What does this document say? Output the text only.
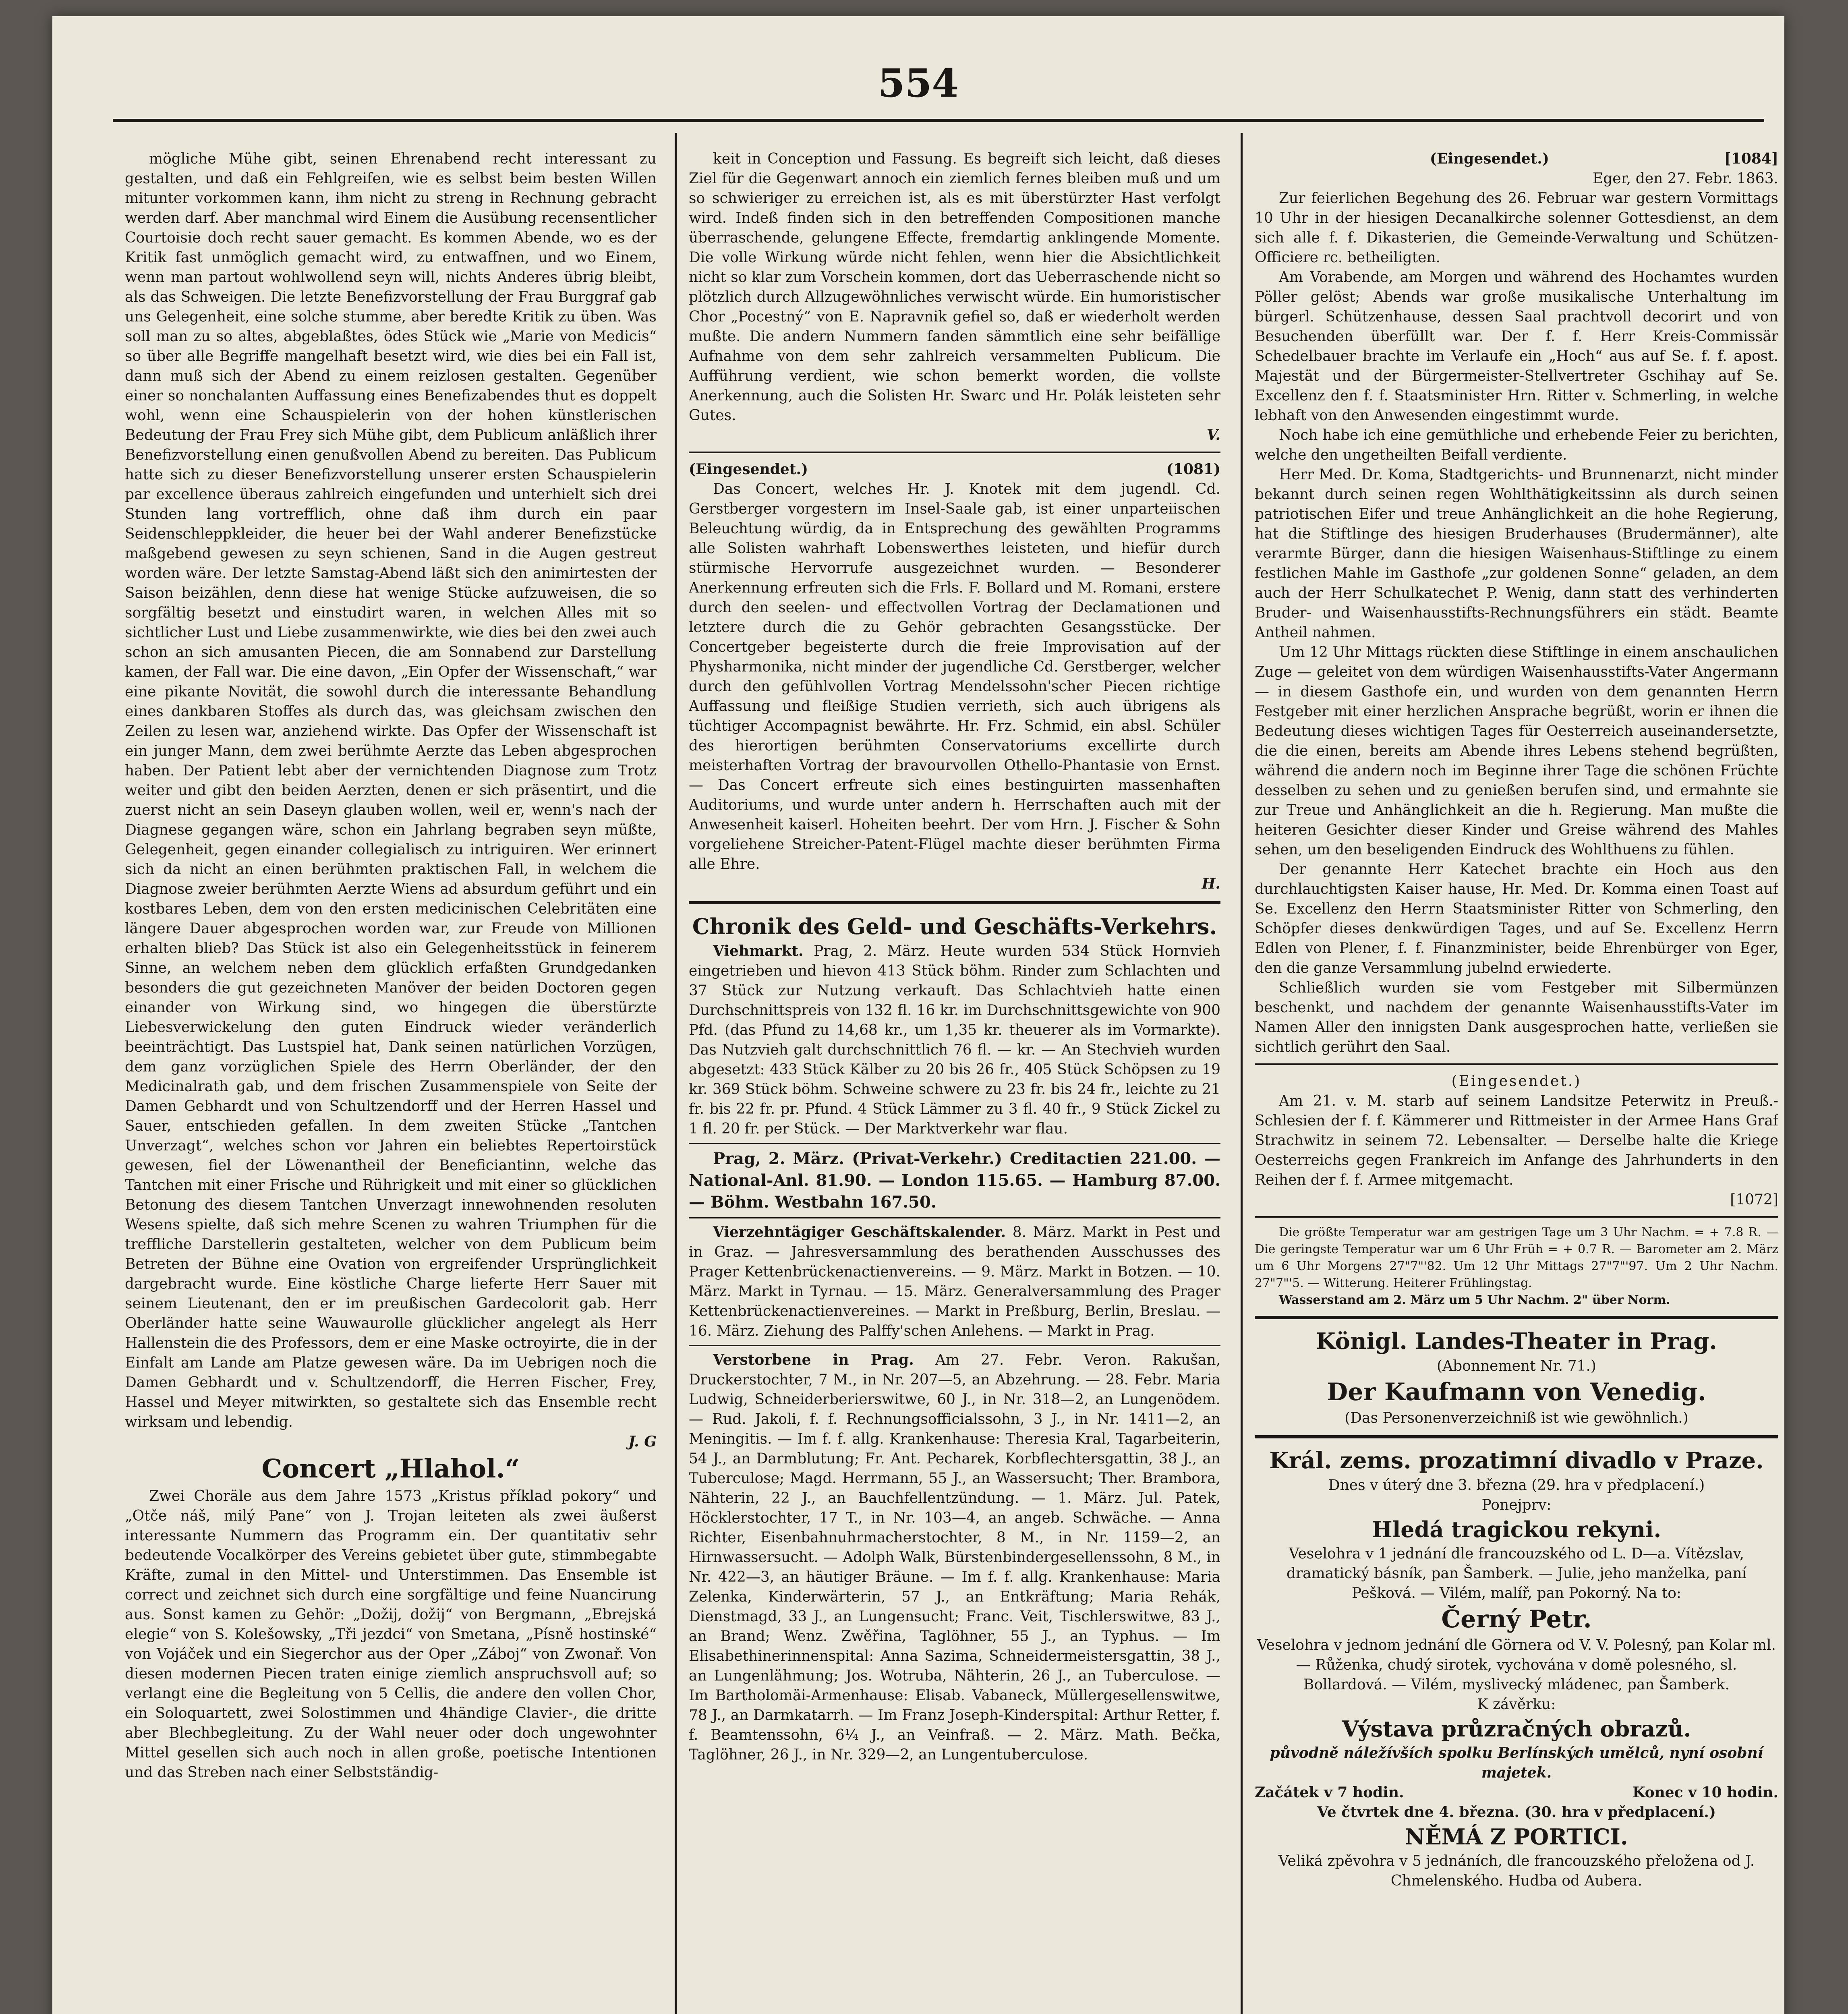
554

mögliche Mühe gibt, seinen Ehrenabend recht interessant zu gestalten, und daß ein Fehlgreifen, wie es selbst beim besten Willen mitunter vorkommen kann, ihm nicht zu streng in Rechnung gebracht werden darf. Aber manchmal wird Einem die Ausübung recensentlicher Courtoisie doch recht sauer gemacht. Es kommen Abende, wo es der Kritik fast unmöglich gemacht wird, zu entwaffnen, und wo Einem, wenn man partout wohlwollend seyn will, nichts Anderes übrig bleibt, als das Schweigen. Die letzte Benefizvorstellung der Frau Burggraf gab uns Gelegenheit, eine solche stumme, aber beredte Kritik zu üben. Was soll man zu so altes, abgeblaßtes, ödes Stück wie „Marie von Medicis“ so über alle Begriffe mangelhaft besetzt wird, wie dies bei ein Fall ist, dann muß sich der Abend zu einem reizlosen gestalten. Gegenüber einer so nonchalanten Auffassung eines Benefizabendes thut es doppelt wohl, wenn eine Schauspielerin von der hohen künstlerischen Bedeutung der Frau Frey sich Mühe gibt, dem Publicum anläßlich ihrer Benefizvorstellung einen genußvollen Abend zu bereiten. Das Publicum hatte sich zu dieser Benefizvorstellung unserer ersten Schauspielerin par excellence überaus zahlreich eingefunden und unterhielt sich drei Stunden lang vortrefflich, ohne daß ihm durch ein paar Seidenschleppkleider, die heuer bei der Wahl anderer Benefizstücke maßgebend gewesen zu seyn schienen, Sand in die Augen gestreut worden wäre. Der letzte Samstag-Abend läßt sich den animirtesten der Saison beizählen, denn diese hat wenige Stücke aufzuweisen, die so sorgfältig besetzt und einstudirt waren, in welchen Alles mit so sichtlicher Lust und Liebe zusammenwirkte, wie dies bei den zwei auch schon an sich amusanten Piecen, die am Sonnabend zur Darstellung kamen, der Fall war. Die eine davon, „Ein Opfer der Wissenschaft,“ war eine pikante Novität, die sowohl durch die interessante Behandlung eines dankbaren Stoffes als durch das, was gleichsam zwischen den Zeilen zu lesen war, anziehend wirkte. Das Opfer der Wissenschaft ist ein junger Mann, dem zwei berühmte Aerzte das Leben abgesprochen haben. Der Patient lebt aber der vernichtenden Diagnose zum Trotz weiter und gibt den beiden Aerzten, denen er sich präsentirt, und die zuerst nicht an sein Daseyn glauben wollen, weil er, wenn's nach der Diagnese gegangen wäre, schon ein Jahrlang begraben seyn müßte, Gelegenheit, gegen einander collegialisch zu intriguiren. Wer erinnert sich da nicht an einen berühmten praktischen Fall, in welchem die Diagnose zweier berühmten Aerzte Wiens ad absurdum geführt und ein kostbares Leben, dem von den ersten medicinischen Celebritäten eine längere Dauer abgesprochen worden war, zur Freude von Millionen erhalten blieb? Das Stück ist also ein Gelegenheitsstück in feinerem Sinne, an welchem neben dem glücklich erfaßten Grundgedanken besonders die gut gezeichneten Manöver der beiden Doctoren gegen einander von Wirkung sind, wo hingegen die überstürzte Liebesverwickelung den guten Eindruck wieder veränderlich beeinträchtigt. Das Lustspiel hat, Dank seinen natürlichen Vorzügen, dem ganz vorzüglichen Spiele des Herrn Oberländer, der den Medicinalrath gab, und dem frischen Zusammenspiele von Seite der Damen Gebhardt und von Schultzendorff und der Herren Hassel und Sauer, entschieden gefallen. In dem zweiten Stücke „Tantchen Unverzagt“, welches schon vor Jahren ein beliebtes Repertoirstück gewesen, fiel der Löwenantheil der Beneficiantinn, welche das Tantchen mit einer Frische und Rührigkeit und mit einer so glücklichen Betonung des diesem Tantchen Unverzagt innewohnenden resoluten Wesens spielte, daß sich mehre Scenen zu wahren Triumphen für die treffliche Darstellerin gestalteten, welcher von dem Publicum beim Betreten der Bühne eine Ovation von ergreifender Ursprünglichkeit dargebracht wurde. Eine köstliche Charge lieferte Herr Sauer mit seinem Lieutenant, den er im preußischen Gardecolorit gab. Herr Oberländer hatte seine Wauwaurolle glücklicher angelegt als Herr Hallenstein die des Professors, dem er eine Maske octroyirte, die in der Einfalt am Lande am Platze gewesen wäre. Da im Uebrigen noch die Damen Gebhardt und v. Schultzendorff, die Herren Fischer, Frey, Hassel und Meyer mitwirkten, so gestaltete sich das Ensemble recht wirksam und lebendig.

J. G

Concert „Hlahol.“

Zwei Choräle aus dem Jahre 1573 „Kristus příklad pokory“ und „Otče náš, milý Pane“ von J. Trojan leiteten als zwei äußerst interessante Nummern das Programm ein. Der quantitativ sehr bedeutende Vocalkörper des Vereins gebietet über gute, stimmbegabte Kräfte, zumal in den Mittel- und Unterstimmen. Das Ensemble ist correct und zeichnet sich durch eine sorgfältige und feine Nuancirung aus. Sonst kamen zu Gehör: „Dožij, dožij“ von Bergmann, „Ebrejská elegie“ von S. Kolešowsky, „Tři jezdci“ von Smetana, „Písně hostinské“ von Vojáček und ein Siegerchor aus der Oper „Záboj“ von Zwonař. Von diesen modernen Piecen traten einige ziemlich anspruchsvoll auf; so verlangt eine die Begleitung von 5 Cellis, die andere den vollen Chor, ein Soloquartett, zwei Solostimmen und 4händige Clavier-, die dritte aber Blechbegleitung. Zu der Wahl neuer oder doch ungewohnter Mittel gesellen sich auch noch in allen große, poetische Intentionen und das Streben nach einer Selbstständig-

keit in Conception und Fassung. Es begreift sich leicht, daß dieses Ziel für die Gegenwart annoch ein ziemlich fernes bleiben muß und um so schwieriger zu erreichen ist, als es mit überstürzter Hast verfolgt wird. Indeß finden sich in den betreffenden Compositionen manche überraschende, gelungene Effecte, fremdartig anklingende Momente. Die volle Wirkung würde nicht fehlen, wenn hier die Absichtlichkeit nicht so klar zum Vorschein kommen, dort das Ueberraschende nicht so plötzlich durch Allzugewöhnliches verwischt würde. Ein humoristischer Chor „Pocestný“ von E. Napravnik gefiel so, daß er wiederholt werden mußte. Die andern Nummern fanden sämmtlich eine sehr beifällige Aufnahme von dem sehr zahlreich versammelten Publicum. Die Aufführung verdient, wie schon bemerkt worden, die vollste Anerkennung, auch die Solisten Hr. Swarc und Hr. Polák leisteten sehr Gutes.

V.

(Eingesendet.)	(1081)

Das Concert, welches Hr. J. Knotek mit dem jugendl. Cd. Gerstberger vorgestern im Insel-Saale gab, ist einer unparteiischen Beleuchtung würdig, da in Entsprechung des gewählten Programms alle Solisten wahrhaft Lobenswerthes leisteten, und hiefür durch stürmische Hervorrufe ausgezeichnet wurden. — Besonderer Anerkennung erfreuten sich die Frls. F. Bollard und M. Romani, erstere durch den seelen- und effectvollen Vortrag der Declamationen und letztere durch die zu Gehör gebrachten Gesangsstücke. Der Concertgeber begeisterte durch die freie Improvisation auf der Physharmonika, nicht minder der jugendliche Cd. Gerstberger, welcher durch den gefühlvollen Vortrag Mendelssohn'scher Piecen richtige Auffassung und fleißige Studien verrieth, sich auch übrigens als tüchtiger Accompagnist bewährte. Hr. Frz. Schmid, ein absl. Schüler des hierortigen berühmten Conservatoriums excellirte durch meisterhaften Vortrag der bravourvollen Othello-Phantasie von Ernst. — Das Concert erfreute sich eines bestinguirten massenhaften Auditoriums, und wurde unter andern h. Herrschaften auch mit der Anwesenheit kaiserl. Hoheiten beehrt. Der vom Hrn. J. Fischer & Sohn vorgeliehene Streicher-Patent-Flügel machte dieser berühmten Firma alle Ehre.

H.

Chronik des Geld- und Geschäfts-Verkehrs.

Viehmarkt. Prag, 2. März. Heute wurden 534 Stück Hornvieh eingetrieben und hievon 413 Stück böhm. Rinder zum Schlachten und 37 Stück zur Nutzung verkauft. Das Schlachtvieh hatte einen Durchschnittspreis von 132 fl. 16 kr. im Durchschnittsgewichte von 900 Pfd. (das Pfund zu 14,68 kr., um 1,35 kr. theuerer als im Vormarkte). Das Nutzvieh galt durchschnittlich 76 fl. — kr. — An Stechvieh wurden abgesetzt: 433 Stück Kälber zu 20 bis 26 fr., 405 Stück Schöpsen zu 19 kr. 369 Stück böhm. Schweine schwere zu 23 fr. bis 24 fr., leichte zu 21 fr. bis 22 fr. pr. Pfund. 4 Stück Lämmer zu 3 fl. 40 fr., 9 Stück Zickel zu 1 fl. 20 fr. per Stück. — Der Marktverkehr war flau.

Prag, 2. März. (Privat-Verkehr.) Creditactien 221.00. — National-Anl. 81.90. — London 115.65. — Hamburg 87.00. — Böhm. Westbahn 167.50.

Vierzehntägiger Geschäftskalender. 8. März. Markt in Pest und in Graz. — Jahresversammlung des berathenden Ausschusses des Prager Kettenbrückenactienvereins. — 9. März. Markt in Botzen. — 10. März. Markt in Tyrnau. — 15. März. Generalversammlung des Prager Kettenbrückenactienvereines. — Markt in Preßburg, Berlin, Breslau. — 16. März. Ziehung des Palffy'schen Anlehens. — Markt in Prag.

Verstorbene in Prag. Am 27. Febr. Veron. Rakušan, Druckerstochter, 7 M., in Nr. 207—5, an Abzehrung. — 28. Febr. Maria Ludwig, Schneiderberierswitwe, 60 J., in Nr. 318—2, an Lungenödem. — Rud. Jakoli, f. f. Rechnungsofficialssohn, 3 J., in Nr. 1411—2, an Meningitis. — Im f. f. allg. Krankenhause: Theresia Kral, Tagarbeiterin, 54 J., an Darmblutung; Fr. Ant. Pecharek, Korbflechtersgattin, 38 J., an Tuberculose; Magd. Herrmann, 55 J., an Wassersucht; Ther. Brambora, Nähterin, 22 J., an Bauchfellentzündung. — 1. März. Jul. Patek, Höcklerstochter, 17 T., in Nr. 103—4, an angeb. Schwäche. — Anna Richter, Eisenbahnuhrmacherstochter, 8 M., in Nr. 1159—2, an Hirnwassersucht. — Adolph Walk, Bürstenbindergesellenssohn, 8 M., in Nr. 422—3, an häutiger Bräune. — Im f. f. allg. Krankenhause: Maria Zelenka, Kinderwärterin, 57 J., an Entkräftung; Maria Rehák, Dienstmagd, 33 J., an Lungensucht; Franc. Veit, Tischlerswitwe, 83 J., an Brand; Wenz. Zwěřina, Taglöhner, 55 J., an Typhus. — Im Elisabethinerinnenspital: Anna Sazima, Schneidermeistersgattin, 38 J., an Lungenlähmung; Jos. Wotruba, Nähterin, 26 J., an Tuberculose. — Im Bartholomäi-Armenhause: Elisab. Vabaneck, Müllergesellenswitwe, 78 J., an Darmkatarrh. — Im Franz Joseph-Kinderspital: Arthur Retter, f. f. Beamtenssohn, 6¼ J., an Veinfraß. — 2. März. Math. Bečka, Taglöhner, 26 J., in Nr. 329—2, an Lungentuberculose.

(Eingesendet.)	[1084]

Eger, den 27. Febr. 1863.

Zur feierlichen Begehung des 26. Februar war gestern Vormittags 10 Uhr in der hiesigen Decanalkirche solenner Gottesdienst, an dem sich alle f. f. Dikasterien, die Gemeinde-Verwaltung und Schützen-Officiere rc. betheiligten.

Am Vorabende, am Morgen und während des Hochamtes wurden Pöller gelöst; Abends war große musikalische Unterhaltung im bürgerl. Schützenhause, dessen Saal prachtvoll decorirt und von Besuchenden überfüllt war. Der f. f. Herr Kreis-Commissär Schedelbauer brachte im Verlaufe ein „Hoch“ aus auf Se. f. f. apost. Majestät und der Bürgermeister-Stellvertreter Gschihay auf Se. Excellenz den f. f. Staatsminister Hrn. Ritter v. Schmerling, in welche lebhaft von den Anwesenden eingestimmt wurde.

Noch habe ich eine gemüthliche und erhebende Feier zu berichten, welche den ungetheilten Beifall verdiente.

Herr Med. Dr. Koma, Stadtgerichts- und Brunnenarzt, nicht minder bekannt durch seinen regen Wohlthätigkeitssinn als durch seinen patriotischen Eifer und treue Anhänglichkeit an die hohe Regierung, hat die Stiftlinge des hiesigen Bruderhauses (Brudermänner), alte verarmte Bürger, dann die hiesigen Waisenhaus-Stiftlinge zu einem festlichen Mahle im Gasthofe „zur goldenen Sonne“ geladen, an dem auch der Herr Schulkatechet P. Wenig, dann statt des verhinderten Bruder- und Waisenhausstifts-Rechnungsführers ein städt. Beamte Antheil nahmen.

Um 12 Uhr Mittags rückten diese Stiftlinge in einem anschaulichen Zuge — geleitet von dem würdigen Waisenhausstifts-Vater Angermann — in diesem Gasthofe ein, und wurden von dem genannten Herrn Festgeber mit einer herzlichen Ansprache begrüßt, worin er ihnen die Bedeutung dieses wichtigen Tages für Oesterreich auseinandersetzte, die die einen, bereits am Abende ihres Lebens stehend begrüßten, während die andern noch im Beginne ihrer Tage die schönen Früchte desselben zu sehen und zu genießen berufen sind, und ermahnte sie zur Treue und Anhänglichkeit an die h. Regierung. Man mußte die heiteren Gesichter dieser Kinder und Greise während des Mahles sehen, um den beseligenden Eindruck des Wohlthuens zu fühlen.

Der genannte Herr Katechet brachte ein Hoch aus den durchlauchtigsten Kaiser hause, Hr. Med. Dr. Komma einen Toast auf Se. Excellenz den Herrn Staatsminister Ritter von Schmerling, den Schöpfer dieses denkwürdigen Tages, und auf Se. Excellenz Herrn Edlen von Plener, f. f. Finanzminister, beide Ehrenbürger von Eger, den die ganze Versammlung jubelnd erwiederte.

Schließlich wurden sie vom Festgeber mit Silbermünzen beschenkt, und nachdem der genannte Waisenhausstifts-Vater im Namen Aller den innigsten Dank ausgesprochen hatte, verließen sie sichtlich gerührt den Saal.

(Eingesendet.)

Am 21. v. M. starb auf seinem Landsitze Peterwitz in Preuß.-Schlesien der f. f. Kämmerer und Rittmeister in der Armee Hans Graf Strachwitz in seinem 72. Lebensalter. — Derselbe halte die Kriege Oesterreichs gegen Frankreich im Anfange des Jahrhunderts in den Reihen der f. f. Armee mitgemacht.

[1072]

Die größte Temperatur war am gestrigen Tage um 3 Uhr Nachm. = + 7.8 R. — Die geringste Temperatur war um 6 Uhr Früh = + 0.7 R. — Barometer am 2. März um 6 Uhr Morgens 27"7"'82. Um 12 Uhr Mittags 27"7"'97. Um 2 Uhr Nachm. 27"7"'5. — Witterung. Heiterer Frühlingstag.

Wasserstand am 2. März um 5 Uhr Nachm. 2" über Norm.

Königl. Landes-Theater in Prag.

(Abonnement Nr. 71.)

Der Kaufmann von Venedig.

(Das Personenverzeichniß ist wie gewöhnlich.)

Král. zems. prozatimní divadlo v Praze.

Dnes v úterý dne 3. března (29. hra v předplacení.)

Ponejprv:

Hledá tragickou rekyni.

Veselohra v 1 jednání dle francouzského od L. D—a. Vítězslav, dramatický básník, pan Šamberk. — Julie, jeho manželka, paní Pešková. — Vilém, malíř, pan Pokorný. Na to:

Černý Petr.

Veselohra v jednom jednání dle Görnera od V. V. Polesný, pan Kolar ml. — Růženka, chudý sirotek, vychována v domě polesného, sl. Bollardová. — Vilém, myslivecký mládenec, pan Šamberk.

K závěrku:

Výstava průzračných obrazů.

původně náležívších spolku Berlínských umělců, nyní osobní majetek.

Začátek v 7 hodin.	Konec v 10 hodin.

Ve čtvrtek dne 4. března. (30. hra v předplacení.)

NĚMÁ Z PORTICI.

Veliká zpěvohra v 5 jednáních, dle francouzského přeložena od J. Chmelenského. Hudba od Aubera.
